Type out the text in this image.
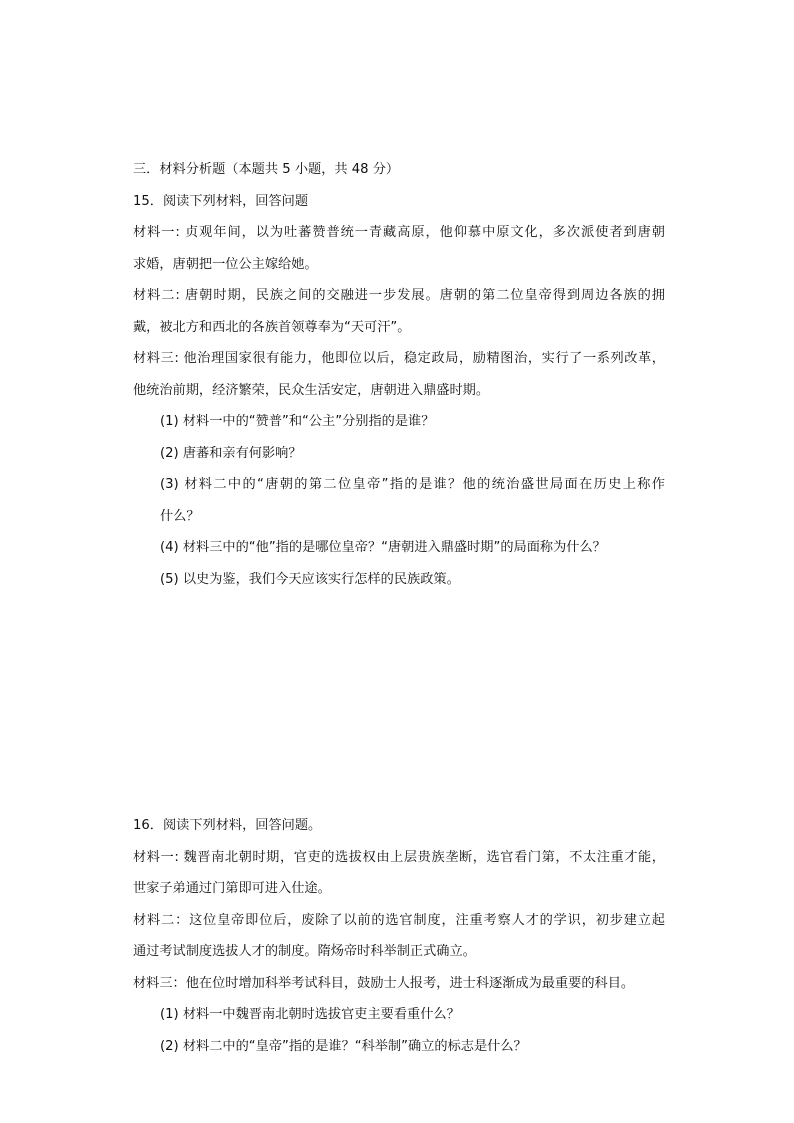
三．材料分析题（本题共 5 小题，共 48 分）
15．阅读下列材料，回答问题
材料一: 贞观年间，以为吐蕃赞普统一青藏高原，他仰慕中原文化，多次派使者到唐朝
求婚，唐朝把一位公主嫁给她。
材料二: 唐朝时期，民族之间的交融进一步发展。唐朝的第二位皇帝得到周边各族的拥
戴，被北方和西北的各族首领尊奉为“天可汗”。
材料三: 他治理国家很有能力，他即位以后，稳定政局，励精图治，实行了一系列改革，
他统治前期，经济繁荣，民众生活安定，唐朝进入鼎盛时期。
(1) 材料一中的“赞普”和“公主”分别指的是谁？
(2) 唐蕃和亲有何影响？
(3) 材料二中的“唐朝的第二位皇帝”指的是谁？他的统治盛世局面在历史上称作
什么？
(4) 材料三中的“他”指的是哪位皇帝？“唐朝进入鼎盛时期”的局面称为什么？
(5) 以史为鉴，我们今天应该实行怎样的民族政策。
16．阅读下列材料，回答问题。
材料一: 魏晋南北朝时期，官吏的选拔权由上层贵族垄断，选官看门第，不太注重才能，
世家子弟通过门第即可进入仕途。
材料二：这位皇帝即位后，废除了以前的选官制度，注重考察人才的学识，初步建立起
通过考试制度选拔人才的制度。隋炀帝时科举制正式确立。
材料三：他在位时增加科举考试科目，鼓励士人报考，进士科逐渐成为最重要的科目。
(1) 材料一中魏晋南北朝时选拔官吏主要看重什么？
(2) 材料二中的“皇帝”指的是谁？“科举制”确立的标志是什么？
